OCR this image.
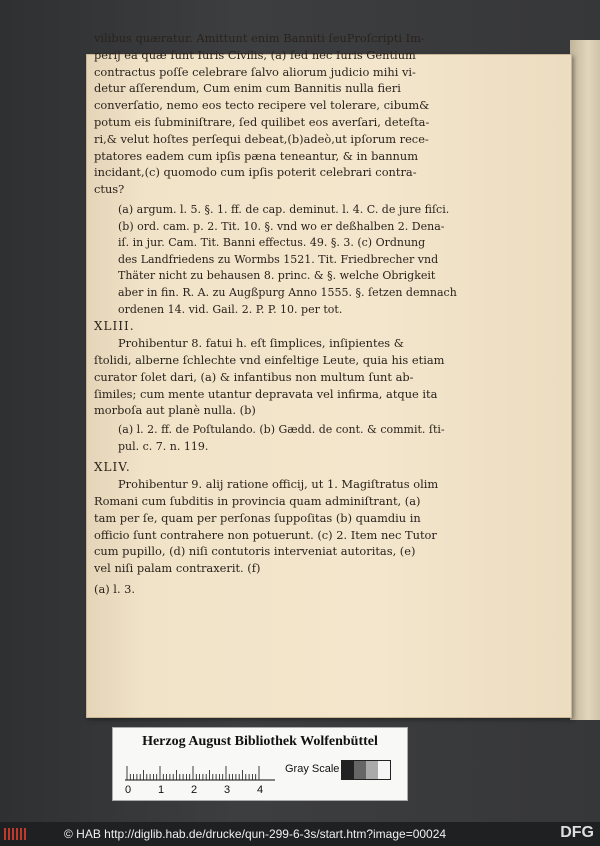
vilibus quæratur. Amittunt enim Banniti ſeuProſcripti Im-

perij ea quæ ſunt Iuris Civilis, (a) ſed nec Iuris Gentium

contractus poſſe celebrare ſalvo aliorum judicio mihi vi-

detur aſſerendum, Cum enim cum Bannitis nulla fieri

converſatio, nemo eos tecto recipere vel tolerare, cibum&

potum eis ſubminiſtrare, ſed quilibet eos averſari, deteſta-

ri,& velut hoſtes perſequi debeat,(b)adeò,ut ipſorum rece-

ptatores eadem cum ipſis pæna teneantur, & in bannum

incidant,(c) quomodo cum ipſis poterit celebrari contra-

ctus?

(a) argum. l. 5. §. 1. ff. de cap. deminut. l. 4. C. de jure fiſci.

(b) ord. cam. p. 2. Tit. 10. §. vnd wo er deßhalben 2. Dena-

iſ. in jur. Cam. Tit. Banni effectus. 49. §. 3. (c) Ordnung

des Landfriedens zu Wormbs 1521. Tit. Friedbrecher vnd

Thäter nicht zu behausen 8. princ. & §. welche Obrigkeit

aber in fin. R. A. zu Augßpurg Anno 1555. §. ſetzen demnach

ordenen 14. vid. Gail. 2. P. P. 10. per tot.

XLIII.

Prohibentur 8. fatui h. eſt ſimplices, inſipientes &

ſtolidi, alberne ſchlechte vnd einfeltige Leute, quia his etiam

curator ſolet dari, (a) & infantibus non multum ſunt ab-

ſimiles; cum mente utantur depravata vel infirma, atque ita

morboſa aut planè nulla. (b)

(a) l. 2. ff. de Poſtulando. (b) Gædd. de cont. & commit. ſti-

pul. c. 7. n. 119.

XLIV.

Prohibentur 9. alij ratione officij, ut 1. Magiſtratus olim

Romani cum ſubditis in provincia quam adminiſtrant, (a)

tam per ſe, quam per perſonas ſuppoſitas (b) quamdiu in

officio ſunt contrahere non potuerunt. (c) 2. Item nec Tutor

cum pupillo, (d) niſi contutoris interveniat autoritas, (e)

vel niſi palam contraxerit. (f)

(a) l. 3.

Herzog August Bibliothek Wolfenbüttel
0 1 2 3 4
Gray Scale
© HAB http://diglib.hab.de/drucke/qun-299-6-3s/start.htm?image=00024	DFG
